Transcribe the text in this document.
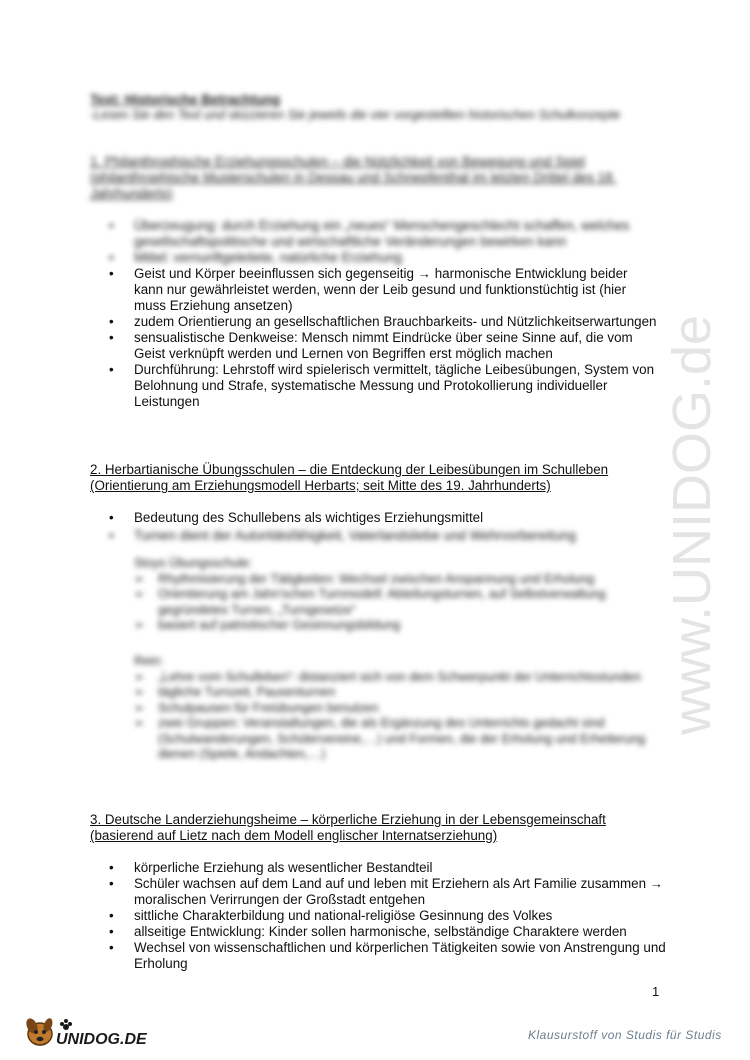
www.UNIDOG.de
Text: Historische Betrachtung
-Lesen Sie den Text und skizzieren Sie jeweils die vier vorgestellten historischen Schulkonzepte
1. Philanthrophische Erziehungsschulen – die Nützlichkeit von Bewegung und Spiel (philanthrophische Musterschulen in Dessau und Schnepfenthal im letzten Drittel des 18. Jahrhunderts)
• Überzeugung: durch Erziehung ein „neues“ Menschengeschlecht schaffen, welches gesellschaftspolitische und wirtschaftliche Veränderungen bewirken kann
• Mittel: vernunftgeleitete, natürliche Erziehung
• Geist und Körper beeinflussen sich gegenseitig → harmonische Entwicklung beider kann nur gewährleistet werden, wenn der Leib gesund und funktionstüchtig ist (hier muss Erziehung ansetzen)
• zudem Orientierung an gesellschaftlichen Brauchbarkeits- und Nützlichkeitserwartungen
• sensualistische Denkweise: Mensch nimmt Eindrücke über seine Sinne auf, die vom Geist verknüpft werden und Lernen von Begriffen erst möglich machen
• Durchführung: Lehrstoff wird spielerisch vermittelt, tägliche Leibesübungen, System von Belohnung und Strafe, systematische Messung und Protokollierung individueller Leistungen
2. Herbartianische Übungsschulen – die Entdeckung der Leibesübungen im Schulleben
(Orientierung am Erziehungsmodell Herbarts; seit Mitte des 19. Jahrhunderts)
• Bedeutung des Schullebens als wichtiges Erziehungsmittel
• Turnen dient der Autoritätsfähigkeit, Vaterlandsliebe und Wehrvorbereitung
Stoys Übungsschule:
➢ Rhythmisierung der Tätigkeiten: Wechsel zwischen Anspannung und Erholung
➢ Orientierung am Jahn'schen Turnmodell: Abteilungsturnen, auf Selbstverwaltung gegründetes Turnen, „Turngesetze“
➢ basiert auf patriotischer Gesinnungsbildung
Rein:
➢ „Lehre vom Schulleben“: distanziert sich von dem Schwerpunkt der Unterrichtsstunden
➢ tägliche Turnzeit, Pausenturnen
➢ Schulpausen für Freiübungen benutzen
➢ zwei Gruppen: Veranstaltungen, die als Ergänzung des Unterrichts gedacht sind (Schulwanderungen, Schülervereine,…) und Formen, die der Erholung und Erheiterung dienen (Spiele, Andachten,…)
3. Deutsche Landerziehungsheime – körperliche Erziehung in der Lebensgemeinschaft
(basierend auf Lietz nach dem Modell englischer Internatserziehung)
• körperliche Erziehung als wesentlicher Bestandteil
• Schüler wachsen auf dem Land auf und leben mit Erziehern als Art Familie zusammen → moralischen Verirrungen der Großstadt entgehen
• sittliche Charakterbildung und national-religiöse Gesinnung des Volkes
• allseitige Entwicklung: Kinder sollen harmonische, selbständige Charaktere werden
• Wechsel von wissenschaftlichen und körperlichen Tätigkeiten sowie von Anstrengung und Erholung
1
UNIDOG.DE	Klausurstoff von Studis für Studis
